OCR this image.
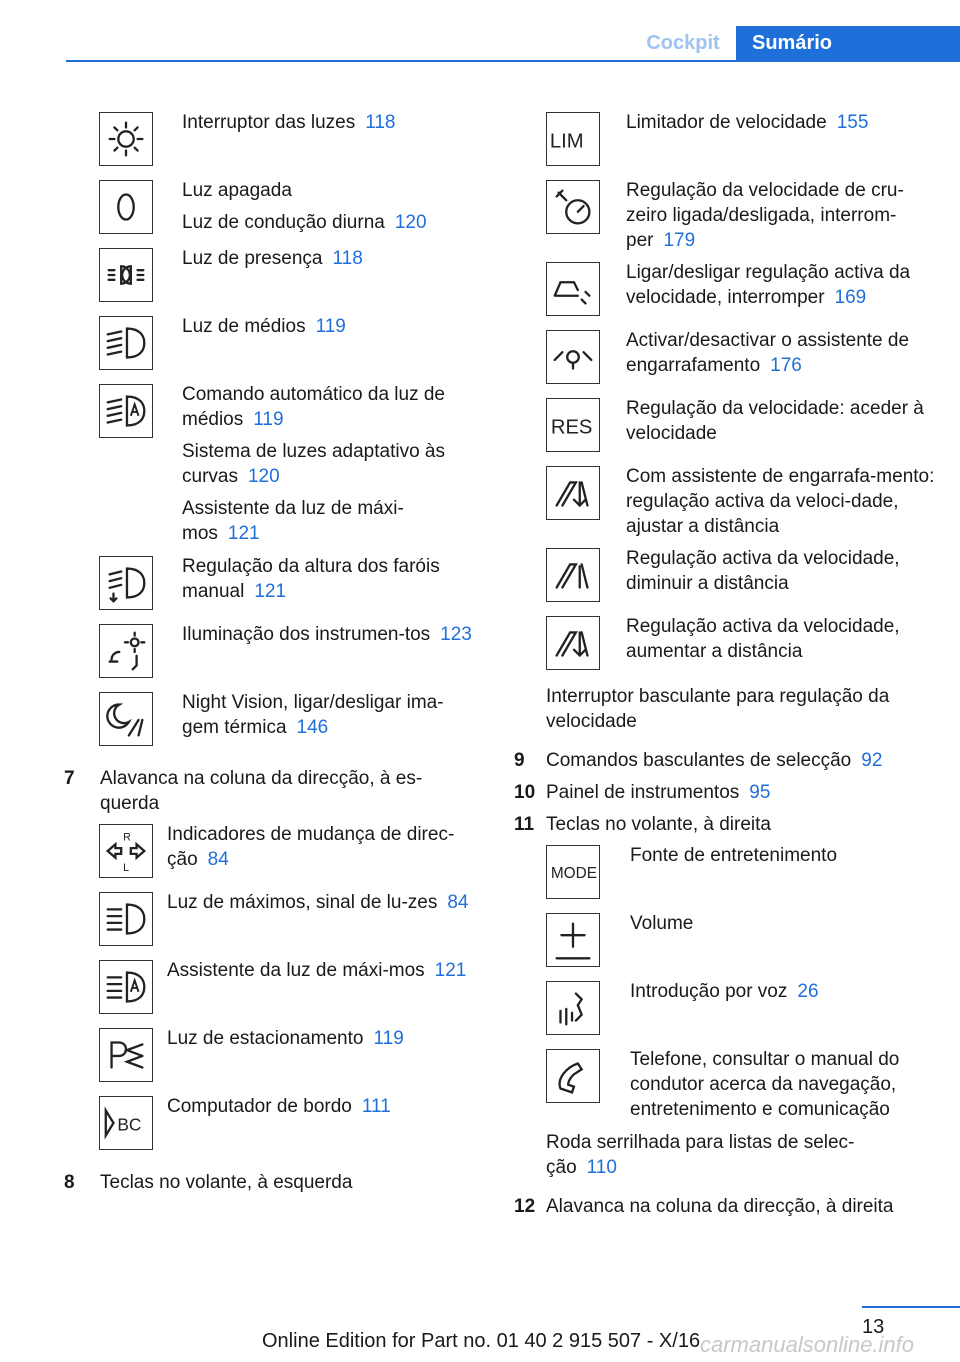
Cockpit	Sumário

Interruptor das luzes 118

Luz apagada

Luz de condução diurna 120

Luz de presença 118

Luz de médios 119

Comando automático da luz de médios 119

Sistema de luzes adaptativo às curvas 120

Assistente da luz de máxi-mos 121

Regulação da altura dos faróis manual 121

Iluminação dos instrumen-tos 123

Night Vision, ligar/desligar ima-gem térmica 146

7 Alavanca na coluna da direcção, à es-querda
R
L

Indicadores de mudança de direc-ção 84

Luz de máximos, sinal de lu-zes 84

Assistente da luz de máxi-mos 121

Luz de estacionamento 119

BC

Computador de bordo 111

8 Teclas no volante, à esquerda
LIM

Limitador de velocidade 155

Regulação da velocidade de cru-zeiro ligada/desligada, interrom-per 179

Ligar/desligar regulação activa da velocidade, interromper 169

Activar/desactivar o assistente de engarrafamento 176

RES

Regulação da velocidade: aceder à velocidade

Com assistente de engarrafa-mento: regulação activa da veloci-dade, ajustar a distância

Regulação activa da velocidade, diminuir a distância

Regulação activa da velocidade, aumentar a distância

Interruptor basculante para regulação da velocidade
9 Comandos basculantes de selecção 92
10 Painel de instrumentos 95
11 Teclas no volante, à direita
MODE

Fonte de entretenimento

Volume

Introdução por voz 26

Telefone, consultar o manual do condutor acerca da navegação, entretenimento e comunicação

Roda serrilhada para listas de selec-ção 110
12 Alavanca na coluna da direcção, à direita
13
Online Edition for Part no. 01 40 2 915 507 - X/16 carmanualsonline.info
